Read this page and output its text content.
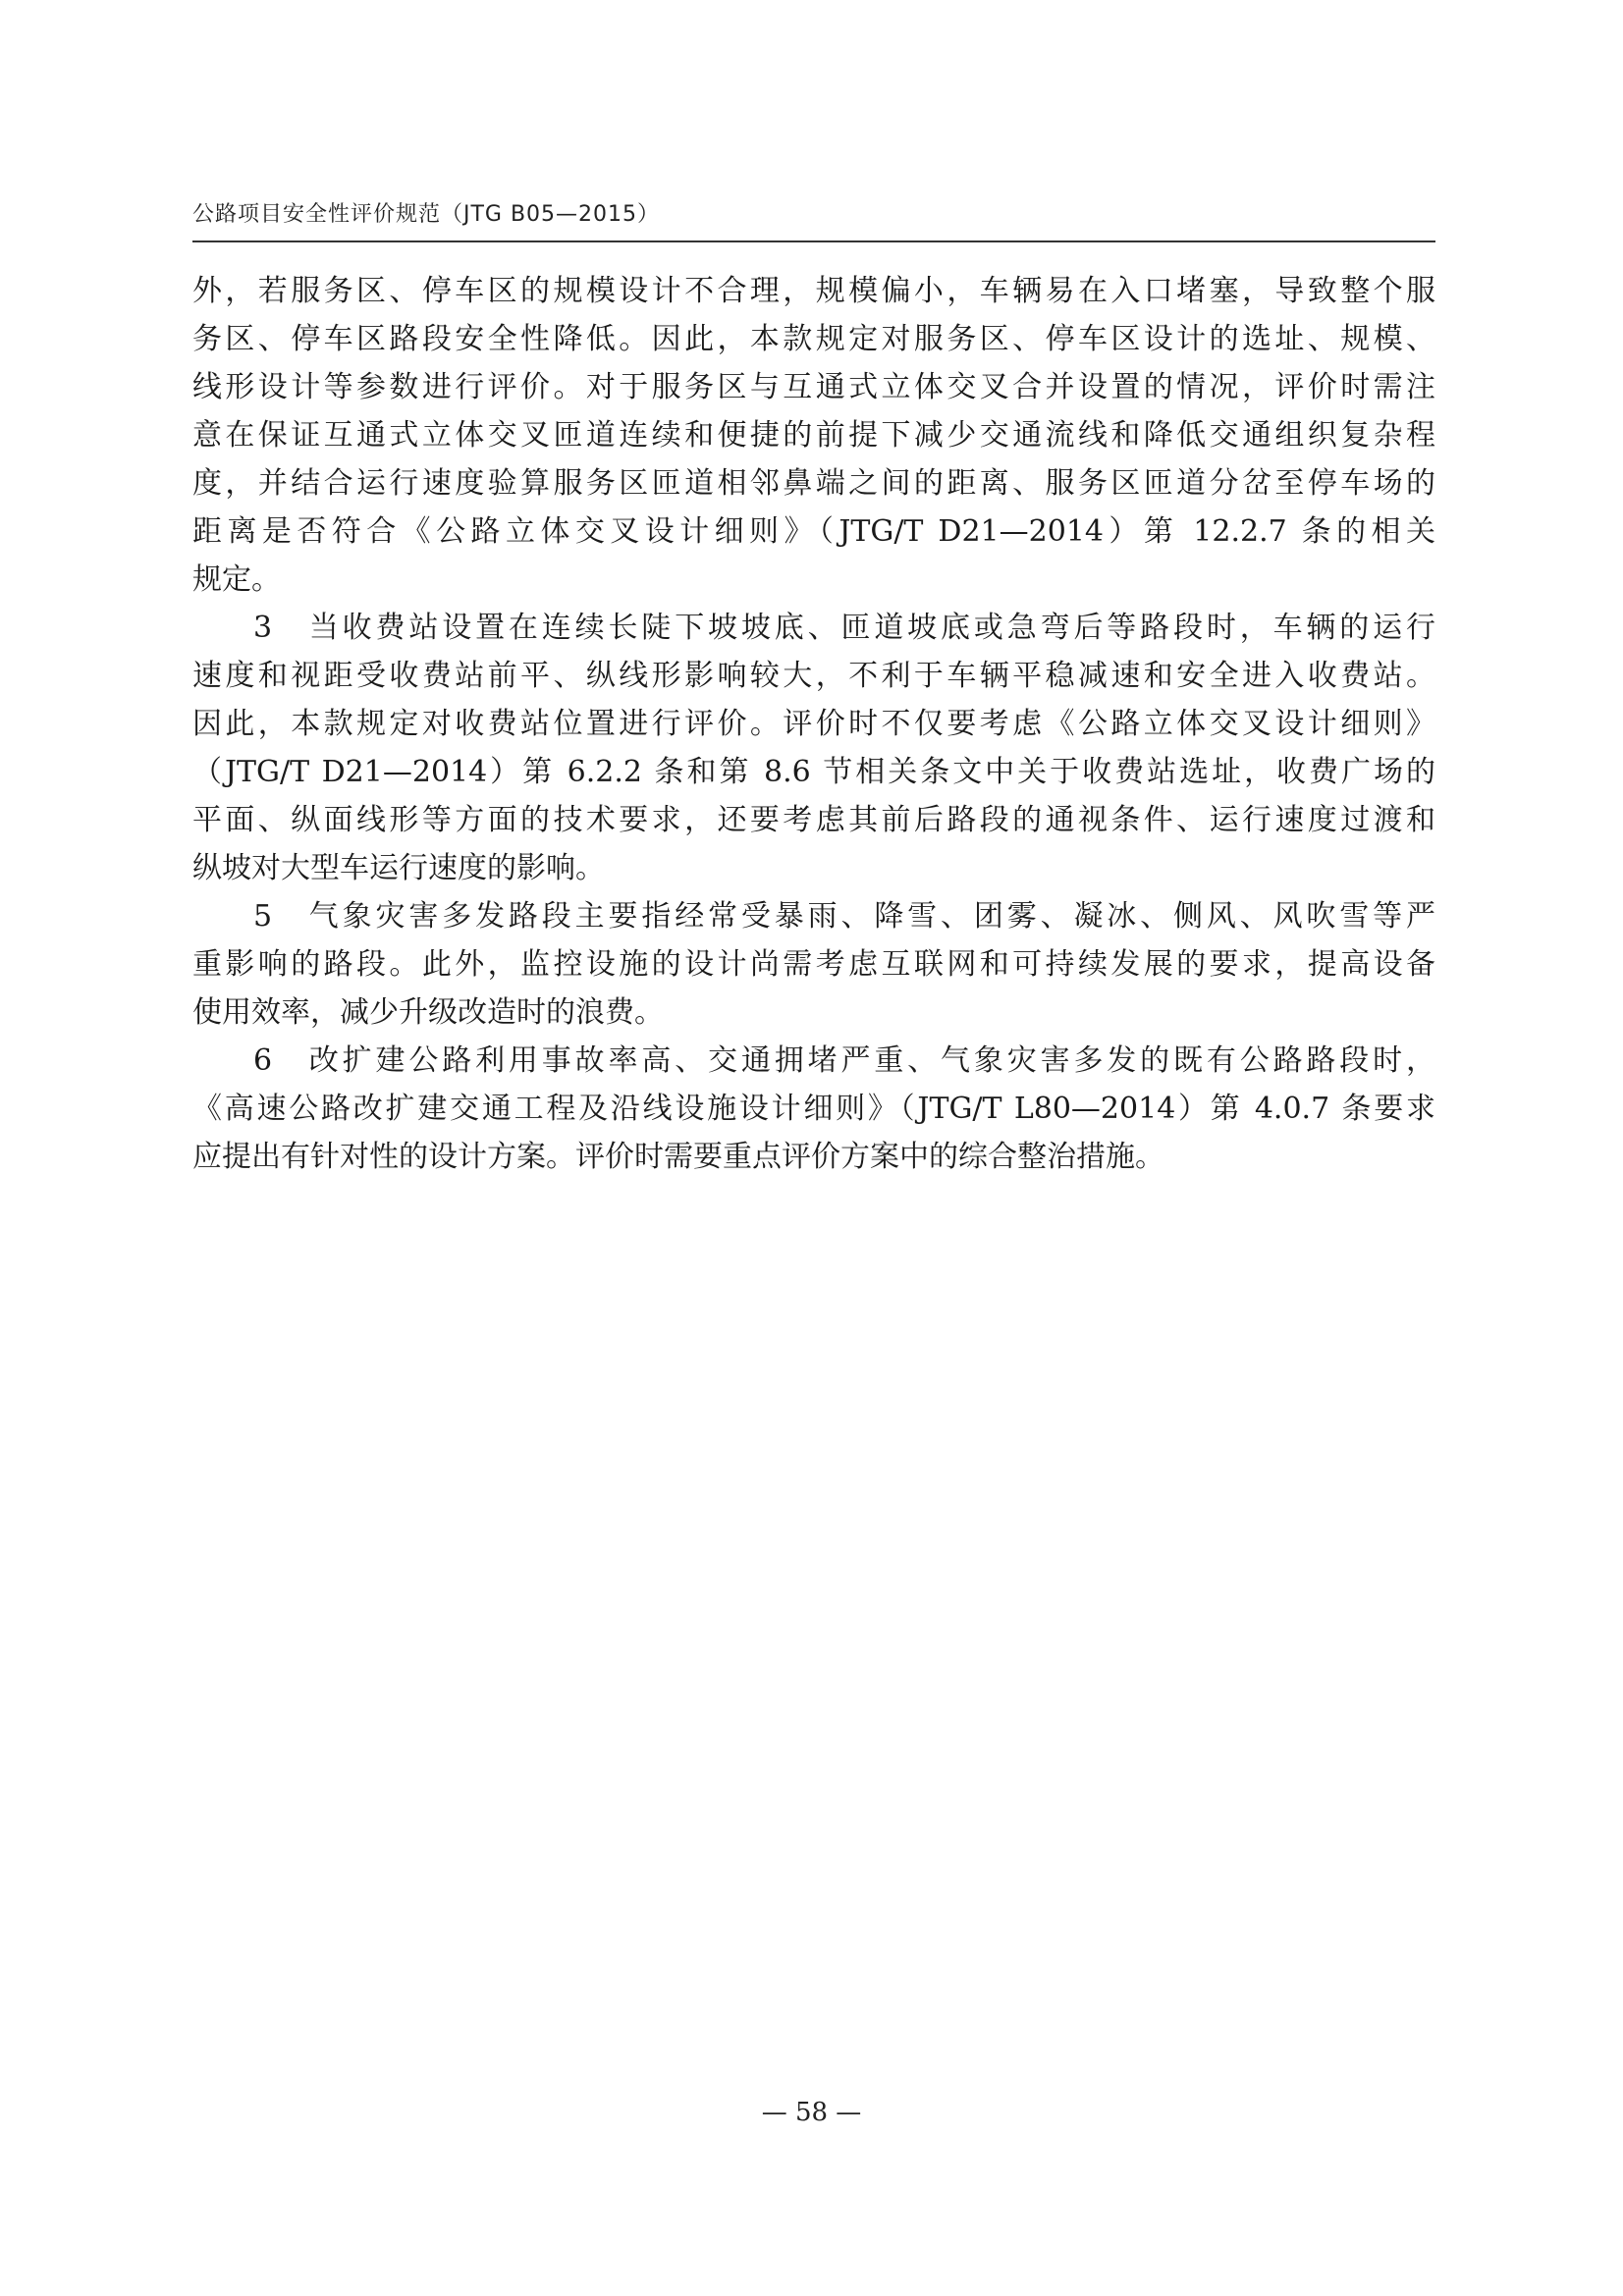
公路项目安全性评价规范（JTG B05—2015）
外，若服务区、停车区的规模设计不合理，规模偏小，车辆易在入口堵塞，导致整个服
务区、停车区路段安全性降低。因此，本款规定对服务区、停车区设计的选址、规模、
线形设计等参数进行评价。对于服务区与互通式立体交叉合并设置的情况，评价时需注
意在保证互通式立体交叉匝道连续和便捷的前提下减少交通流线和降低交通组织复杂程
度，并结合运行速度验算服务区匝道相邻鼻端之间的距离、服务区匝道分岔至停车场的
距离是否符合《公路立体交叉设计细则》（JTG/T D21—2014）第 12.2.7 条的相关
规定。
3　当收费站设置在连续长陡下坡坡底、匝道坡底或急弯后等路段时，车辆的运行
速度和视距受收费站前平、纵线形影响较大，不利于车辆平稳减速和安全进入收费站。
因此，本款规定对收费站位置进行评价。评价时不仅要考虑《公路立体交叉设计细则》
（JTG/T D21—2014）第 6.2.2 条和第 8.6 节相关条文中关于收费站选址，收费广场的
平面、纵面线形等方面的技术要求，还要考虑其前后路段的通视条件、运行速度过渡和
纵坡对大型车运行速度的影响。
5　气象灾害多发路段主要指经常受暴雨、降雪、团雾、凝冰、侧风、风吹雪等严
重影响的路段。此外，监控设施的设计尚需考虑互联网和可持续发展的要求，提高设备
使用效率，减少升级改造时的浪费。
6　改扩建公路利用事故率高、交通拥堵严重、气象灾害多发的既有公路路段时，
《高速公路改扩建交通工程及沿线设施设计细则》（JTG/T L80—2014）第 4.0.7 条要求
应提出有针对性的设计方案。评价时需要重点评价方案中的综合整治措施。
— 58 —
